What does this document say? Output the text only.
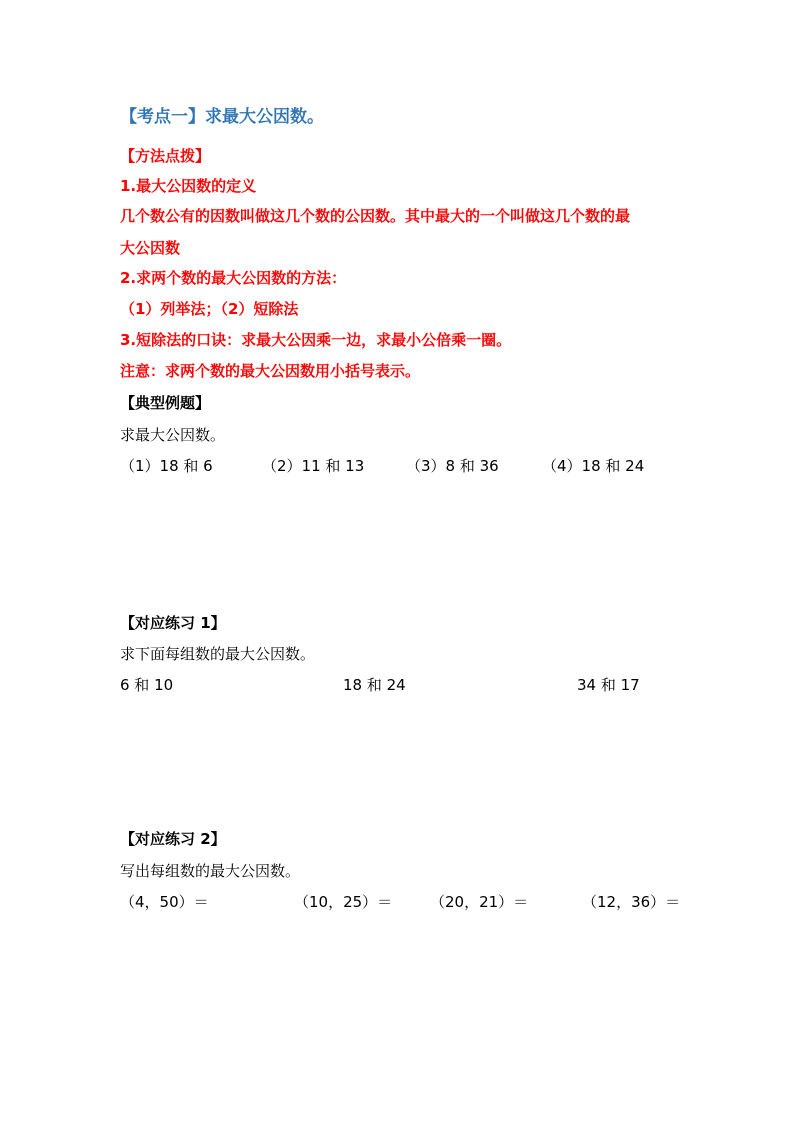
【考点一】求最大公因数。
【方法点拨】
1.最大公因数的定义
几个数公有的因数叫做这几个数的公因数。其中最大的一个叫做这几个数的最
大公因数
2.求两个数的最大公因数的方法：
（1）列举法；（2）短除法
3.短除法的口诀：求最大公因乘一边，求最小公倍乘一圈。
注意：求两个数的最大公因数用小括号表示。
【典型例题】
求最大公因数。
（1）18 和 6	（2）11 和 13	（3）8 和 36	（4）18 和 24
【对应练习 1】
求下面每组数的最大公因数。
6 和 10	18 和 24	34 和 17
【对应练习 2】
写出每组数的最大公因数。
（4，50）＝	（10，25）＝	（20，21）＝	（12，36）＝
